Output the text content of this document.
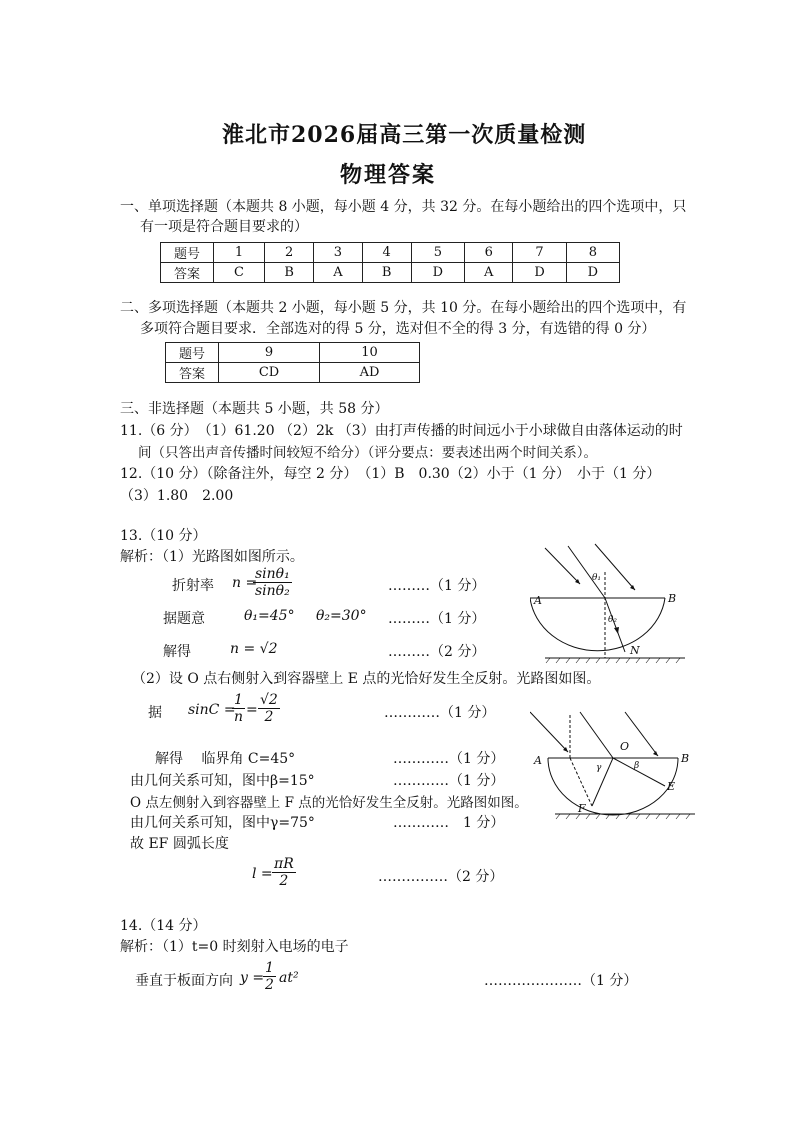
淮北市2026届高三第一次质量检测
物理答案
一、单项选择题（本题共 8 小题，每小题 4 分，共 32 分。在每小题给出的四个选项中，只
有一项是符合题目要求的）
题号	1	2	3	4	5	6	7	8
答案	C	B	A	B	D	A	D	D
二、多项选择题（本题共 2 小题，每小题 5 分，共 10 分。在每小题给出的四个选项中，有
多项符合题目要求．全部选对的得 5 分，选对但不全的得 3 分，有选错的得 0 分）
题号	9	10
答案	CD	AD
三、非选择题（本题共 5 小题，共 58 分）
11.（6 分）　（1）61.20 （2）2k （3）由打声传播的时间远小于小球做自由落体运动的时
间（只答出声音传播时间较短不给分）（评分要点：要表述出两个时间关系）。
12.（10 分）（除备注外，每空 2 分）　（1）B　0.30（2）小于（1 分）　小于（1 分）
（3）1.80　2.00
13.（10 分）
解析：（1）光路图如图所示。
折射率 n =
$\frac{\text{sinθ₁}}{\text{sinθ₂}}$	………（1 分）
据题意	θ₁=45° θ₂=30° ………（1 分）
解得	n = √2	………（2 分）
（2）设 O 点右侧射入到容器壁上 E 点的光恰好发生全反射。光路图如图。
据 sinC =
$\frac{1}{n} = \frac{√2}{2}$	…………（1 分）
解得　 临界角 C=45°	…………（1 分）
由几何关系可知，图中β=15°	…………（1 分）
O 点左侧射入到容器壁上 F 点的光恰好发生全反射。光路图如图。
由几何关系可知，图中γ=75°	…………　1 分）
故 EF 圆弧长度
$l = \frac{\pi R}{2}$	……………（2 分）
A	B
N
θ₁
θ₂
A	B
O
E
F
γ	β
14.（14 分）
解析：（1）t=0 时刻射入电场的电子
垂直于板面方向 y =
$\frac{1}{2} at^2$	…………………（1 分）
